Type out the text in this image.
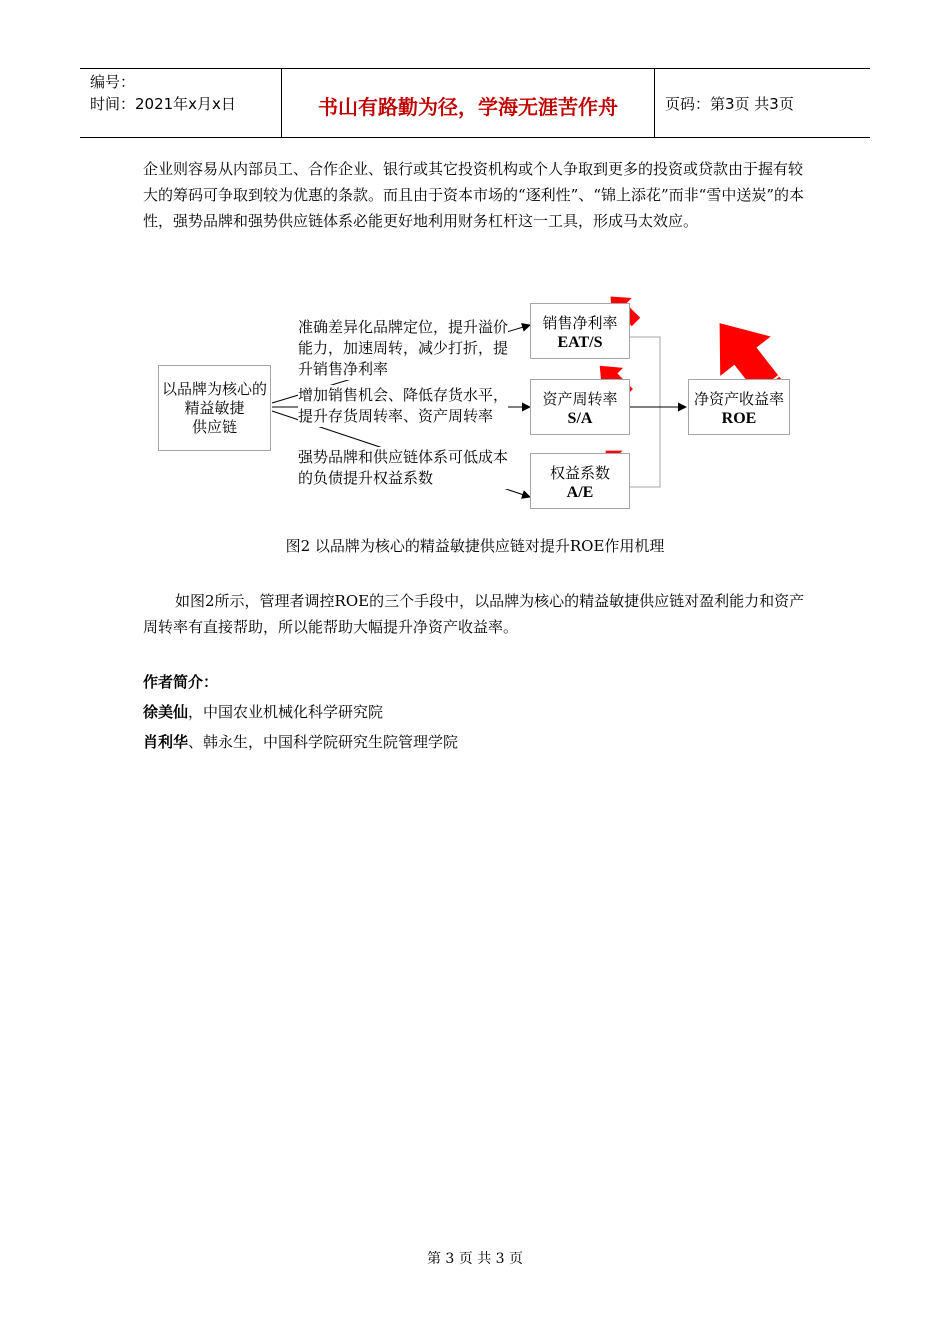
编号：
时间：2021年x月x日	书山有路勤为径，学海无涯苦作舟	页码：第3页 共3页
企业则容易从内部员工、合作企业、银行或其它投资机构或个人争取到更多的投资或贷款由于握有较大的筹码可争取到较为优惠的条款。而且由于资本市场的“逐利性”、“锦上添花”而非“雪中送炭”的本性，强势品牌和强势供应链体系必能更好地利用财务杠杆这一工具，形成马太效应。
以品牌为核心的
精益敏捷
供应链
准确差异化品牌定位，提升溢价
能力，加速周转，减少打折，提
升销售净利率
增加销售机会、降低存货水平，
提升存货周转率、资产周转率
强势品牌和供应链体系可低成本
的负债提升权益系数
销售净利率
EAT/S
资产周转率
S/A
权益系数
A/E
净资产收益率
ROE
图2 以品牌为核心的精益敏捷供应链对提升ROE作用机理
如图2所示，管理者调控ROE的三个手段中，以品牌为核心的精益敏捷供应链对盈利能力和资产周转率有直接帮助，所以能帮助大幅提升净资产收益率。
作者简介：
徐美仙，中国农业机械化科学研究院
肖利华、韩永生，中国科学院研究生院管理学院
第 3 页 共 3 页
